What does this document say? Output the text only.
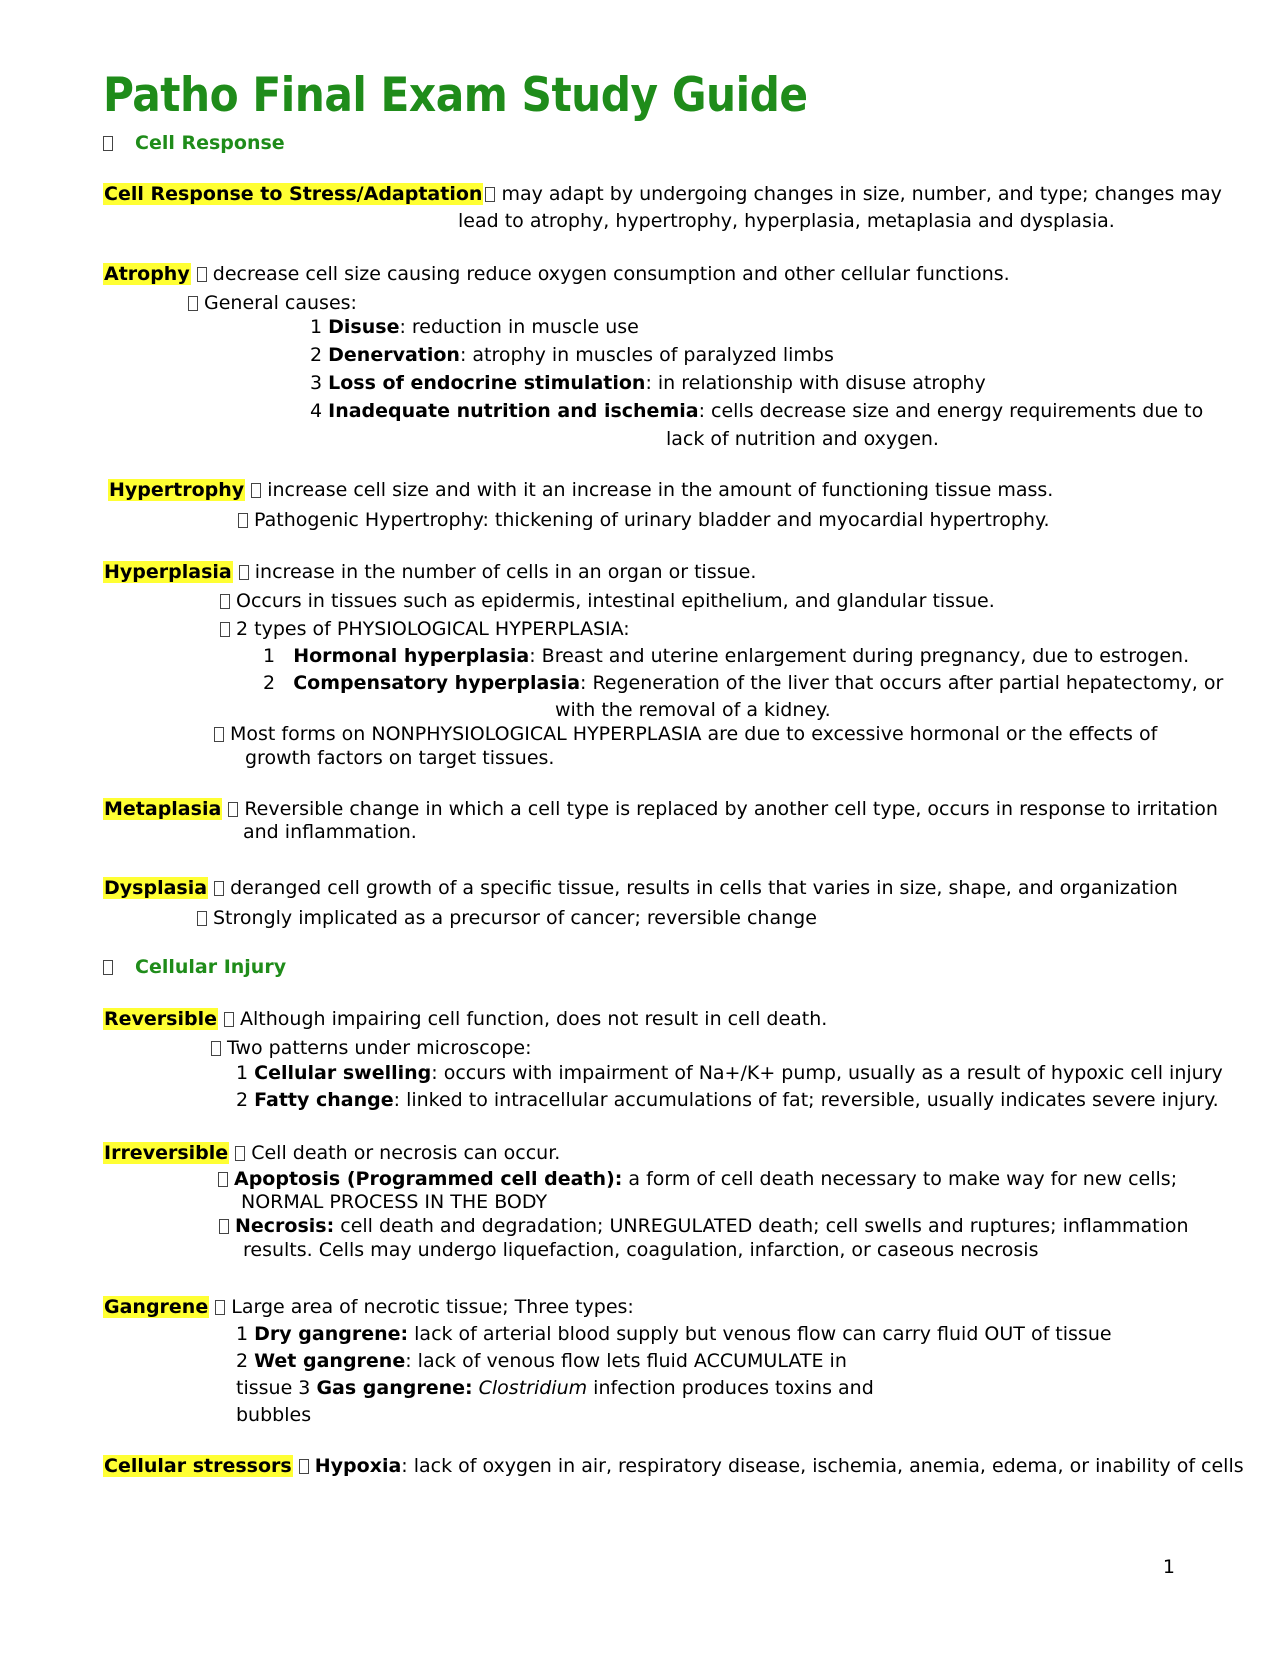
Patho Final Exam Study Guide
Cell Response
Cell Response to Stress/Adaptation may adapt by undergoing changes in size, number, and type; changes may
lead to atrophy, hypertrophy, hyperplasia, metaplasia and dysplasia.
Atrophy decrease cell size causing reduce oxygen consumption and other cellular functions.
General causes:
1 Disuse: reduction in muscle use
2 Denervation: atrophy in muscles of paralyzed limbs
3 Loss of endocrine stimulation: in relationship with disuse atrophy
4 Inadequate nutrition and ischemia: cells decrease size and energy requirements due to
lack of nutrition and oxygen.
Hypertrophy increase cell size and with it an increase in the amount of functioning tissue mass.
Pathogenic Hypertrophy: thickening of urinary bladder and myocardial hypertrophy.
Hyperplasia increase in the number of cells in an organ or tissue.
Occurs in tissues such as epidermis, intestinal epithelium, and glandular tissue.
2 types of PHYSIOLOGICAL HYPERPLASIA:
1 Hormonal hyperplasia: Breast and uterine enlargement during pregnancy, due to estrogen.
2 Compensatory hyperplasia: Regeneration of the liver that occurs after partial hepatectomy, or
with the removal of a kidney.
Most forms on NONPHYSIOLOGICAL HYPERPLASIA are due to excessive hormonal or the effects of
growth factors on target tissues.
Metaplasia Reversible change in which a cell type is replaced by another cell type, occurs in response to irritation
and inflammation.
Dysplasia deranged cell growth of a specific tissue, results in cells that varies in size, shape, and organization
Strongly implicated as a precursor of cancer; reversible change
Cellular Injury
Reversible Although impairing cell function, does not result in cell death.
Two patterns under microscope:
1 Cellular swelling: occurs with impairment of Na+/K+ pump, usually as a result of hypoxic cell injury
2 Fatty change: linked to intracellular accumulations of fat; reversible, usually indicates severe injury.
Irreversible Cell death or necrosis can occur.
Apoptosis (Programmed cell death): a form of cell death necessary to make way for new cells;
NORMAL PROCESS IN THE BODY
Necrosis: cell death and degradation; UNREGULATED death; cell swells and ruptures; inflammation
results. Cells may undergo liquefaction, coagulation, infarction, or caseous necrosis
Gangrene Large area of necrotic tissue; Three types:
1 Dry gangrene: lack of arterial blood supply but venous flow can carry fluid OUT of tissue
2 Wet gangrene: lack of venous flow lets fluid ACCUMULATE in
tissue 3 Gas gangrene: Clostridium infection produces toxins and
bubbles
Cellular stressors Hypoxia: lack of oxygen in air, respiratory disease, ischemia, anemia, edema, or inability of cells
1
